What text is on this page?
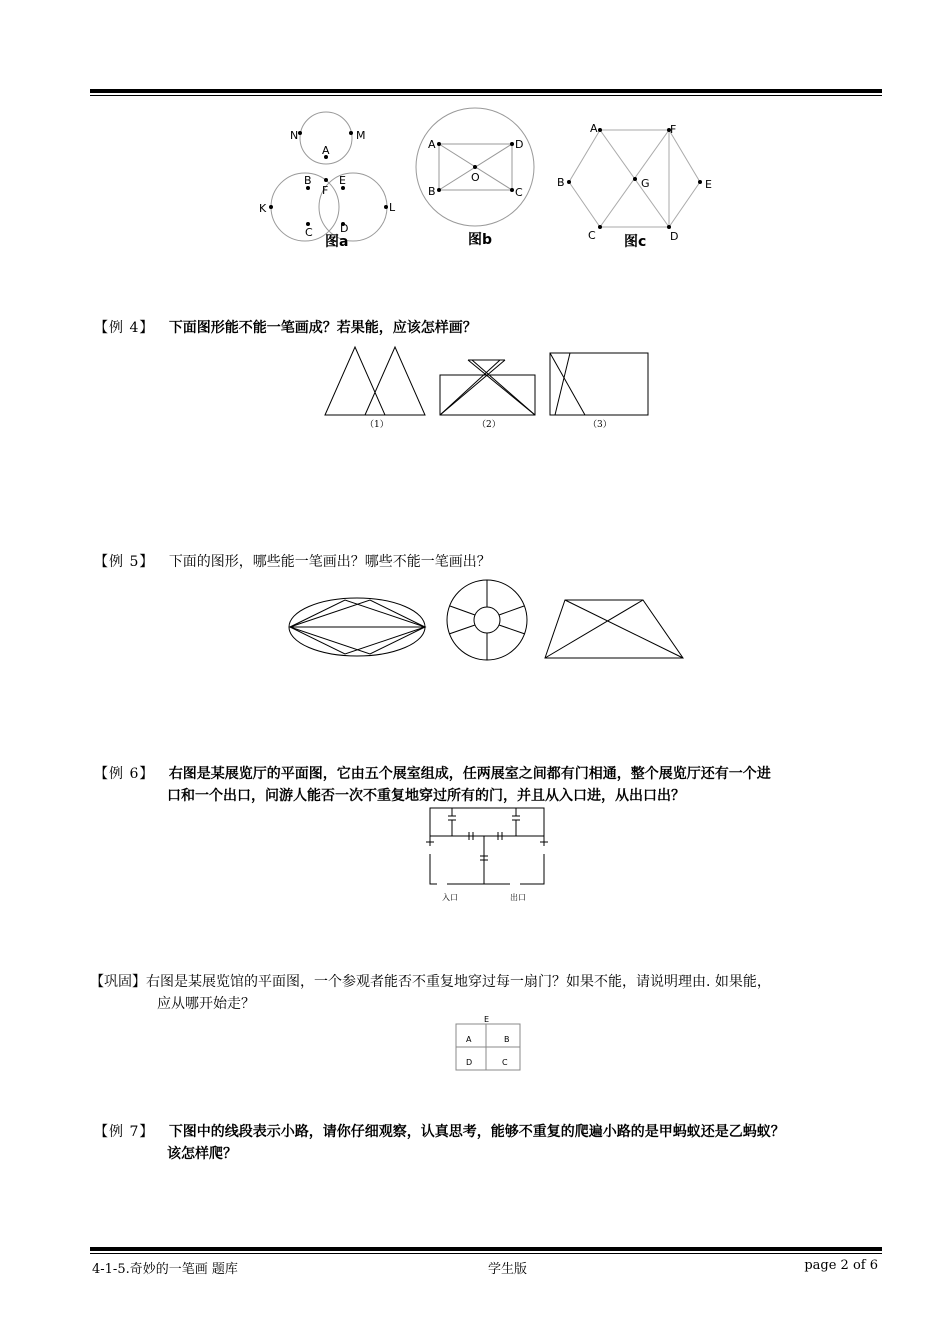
N	M
A
B
F
E
K	L
C D
图a
A	D
O
B	C
图b
A	F
B	G	E
C	D
图c
【例 4】 下面图形能不能一笔画成？若果能，应该怎样画？
（1）	（2）	（3）
【例 5】 下面的图形，哪些能一笔画出？哪些不能一笔画出？
【例 6】 右图是某展览厅的平面图，它由五个展室组成，任两展室之间都有门相通，整个展览厅还有一个进
口和一个出口，问游人能否一次不重复地穿过所有的门，并且从入口进，从出口出？
入口	出口
【巩固】右图是某展览馆的平面图，一个参观者能否不重复地穿过每一扇门？如果不能，请说明理由. 如果能，
应从哪开始走？
E
A	B
D	C
【例 7】 下图中的线段表示小路，请你仔细观察，认真思考，能够不重复的爬遍小路的是甲蚂蚁还是乙蚂蚁？
该怎样爬？
4-1-5.奇妙的一笔画 题库	学生版	page 2 of 6
